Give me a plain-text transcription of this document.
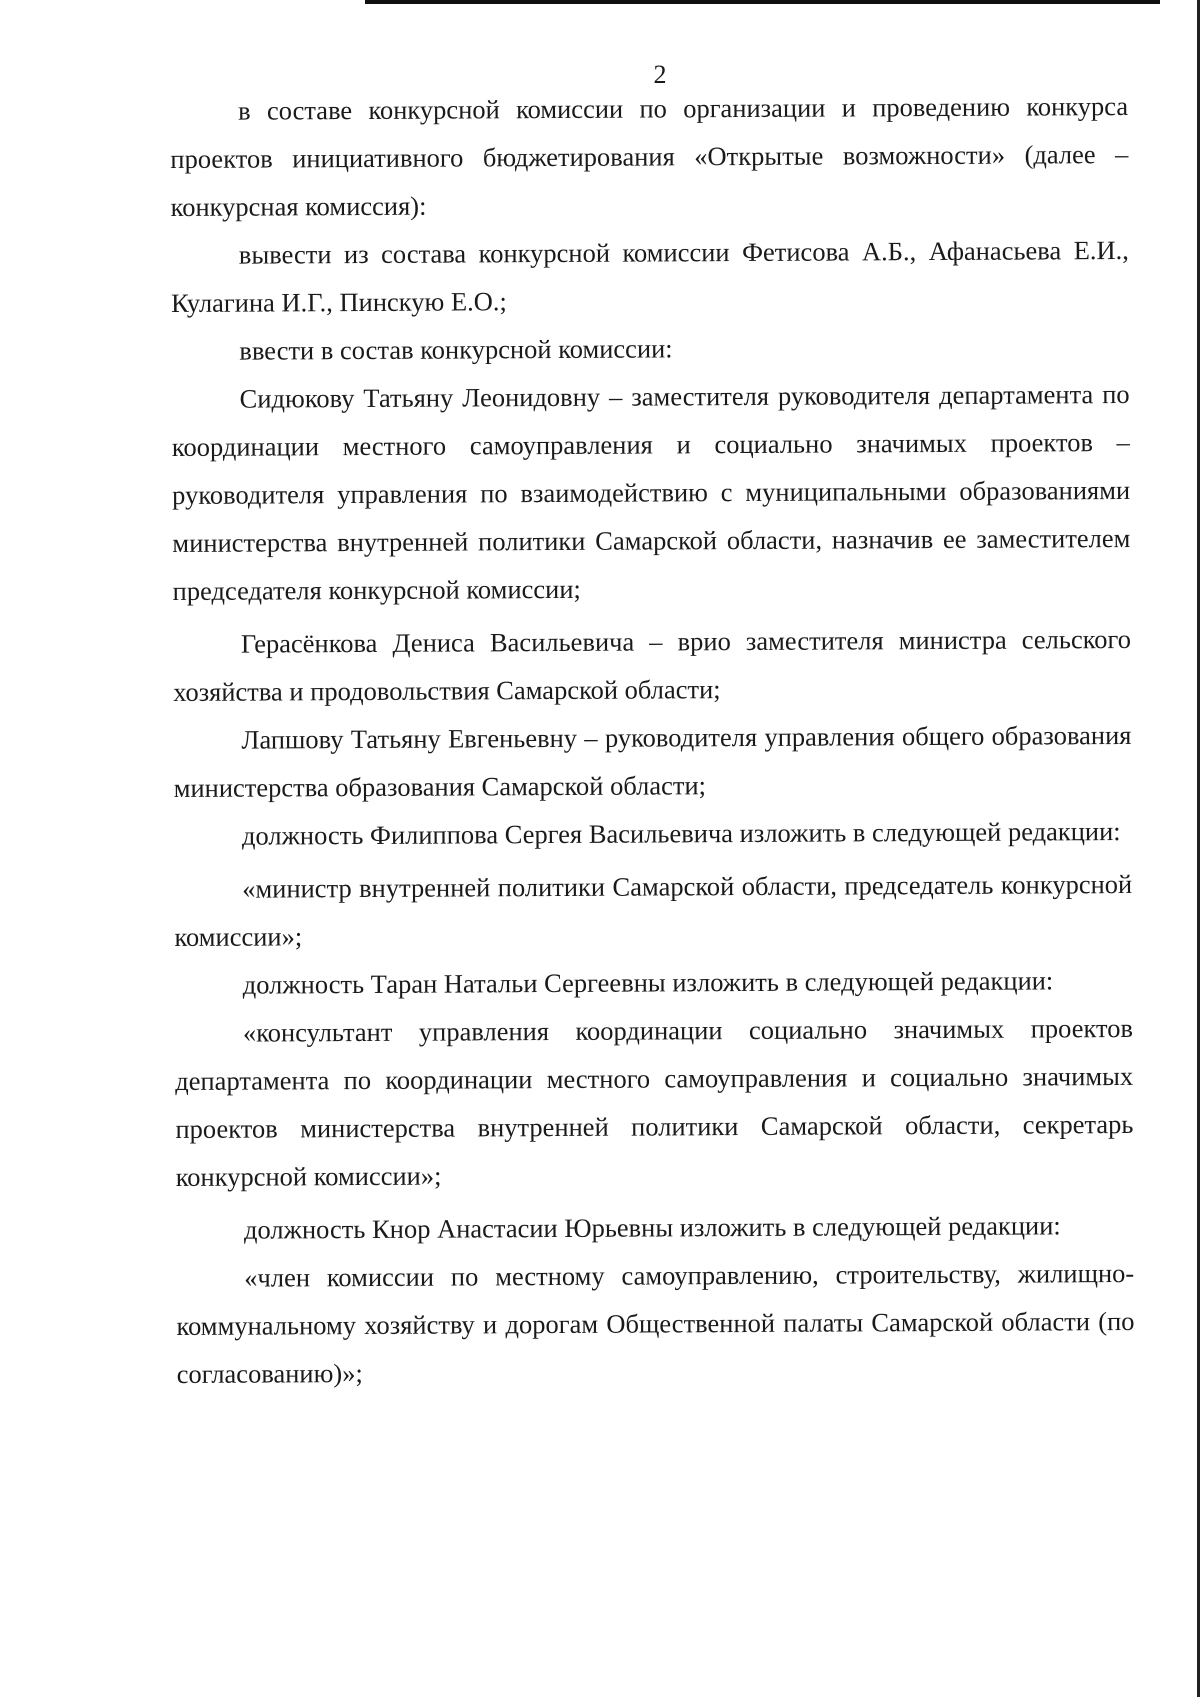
2

в составе конкурсной комиссии по организации и проведению конкурса проектов инициативного бюджетирования «Открытые возможности» (далее – конкурсная комиссия):

вывести из состава конкурсной комиссии Фетисова А.Б., Афанасьева Е.И., Кулагина И.Г., Пинскую Е.О.;

ввести в состав конкурсной комиссии:

Сидюкову Татьяну Леонидовну – заместителя руководителя департамента по координации местного самоуправления и социально значимых проектов – руководителя управления по взаимодействию с муниципальными образованиями министерства внутренней политики Самарской области, назначив ее заместителем председателя конкурсной комиссии;

Герасёнкова Дениса Васильевича – врио заместителя министра сельского хозяйства и продовольствия Самарской области;

Лапшову Татьяну Евгеньевну – руководителя управления общего образования министерства образования Самарской области;

должность Филиппова Сергея Васильевича изложить в следующей редакции:

«министр внутренней политики Самарской области, председатель конкурсной комиссии»;

должность Таран Натальи Сергеевны изложить в следующей редакции:

«консультант управления координации социально значимых проектов департамента по координации местного самоуправления и социально значимых проектов министерства внутренней политики Самарской области, секретарь конкурсной комиссии»;

должность Кнор Анастасии Юрьевны изложить в следующей редакции:

«член комиссии по местному самоуправлению, строительству, жилищно-коммунальному хозяйству и дорогам Общественной палаты Самарской области (по согласованию)»;
